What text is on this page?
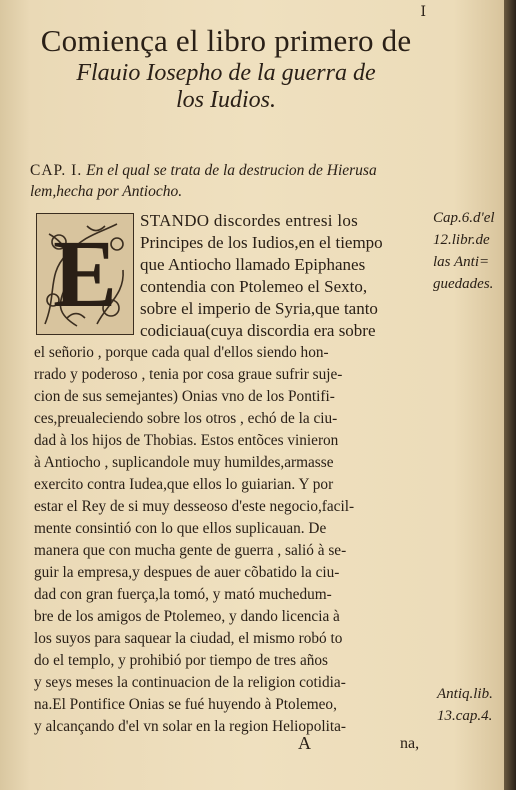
I
Comiença el libro primero de
Flauio Iosepho de la guerra de
los Iudios.
CAP. I. En el qual se trata de la destrucion de Hierusa
lem,hecha por Antiocho.
E STANDO discordes entresi los
Principes de los Iudios,en el tiempo
que Antiocho llamado Epiphanes
contendia con Ptolemeo el Sexto,
sobre el imperio de Syria,que tanto
codiciaua(cuya discordia era sobre
el señorio , porque cada qual d'ellos siendo hon-
rrado y poderoso , tenia por cosa graue sufrir suje-
cion de sus semejantes) Onias vno de los Pontifi-
ces,preualeciendo sobre los otros , echó de la ciu-
dad à los hijos de Thobias. Estos entõces vinieron
à Antiocho , suplicandole muy humildes,armasse
exercito contra Iudea,que ellos lo guiarian. Y por
estar el Rey de si muy desseoso d'este negocio,facil-
mente consintió con lo que ellos suplicauan. De
manera que con mucha gente de guerra , salió à se-
guir la empresa,y despues de auer cõbatido la ciu-
dad con gran fuerça,la tomó, y mató muchedum-
bre de los amigos de Ptolemeo, y dando licencia à
los suyos para saquear la ciudad, el mismo robó to
do el templo, y prohibió por tiempo de tres años
y seys meses la continuacion de la religion cotidia-
na.El Pontifice Onias se fué huyendo à Ptolemeo,
y alcançando d'el vn solar en la region Heliopolita-
Cap.6.d'el
12.libr.de
las Anti=
guedades.
Antiq.lib.
13.cap.4.
A	na,
